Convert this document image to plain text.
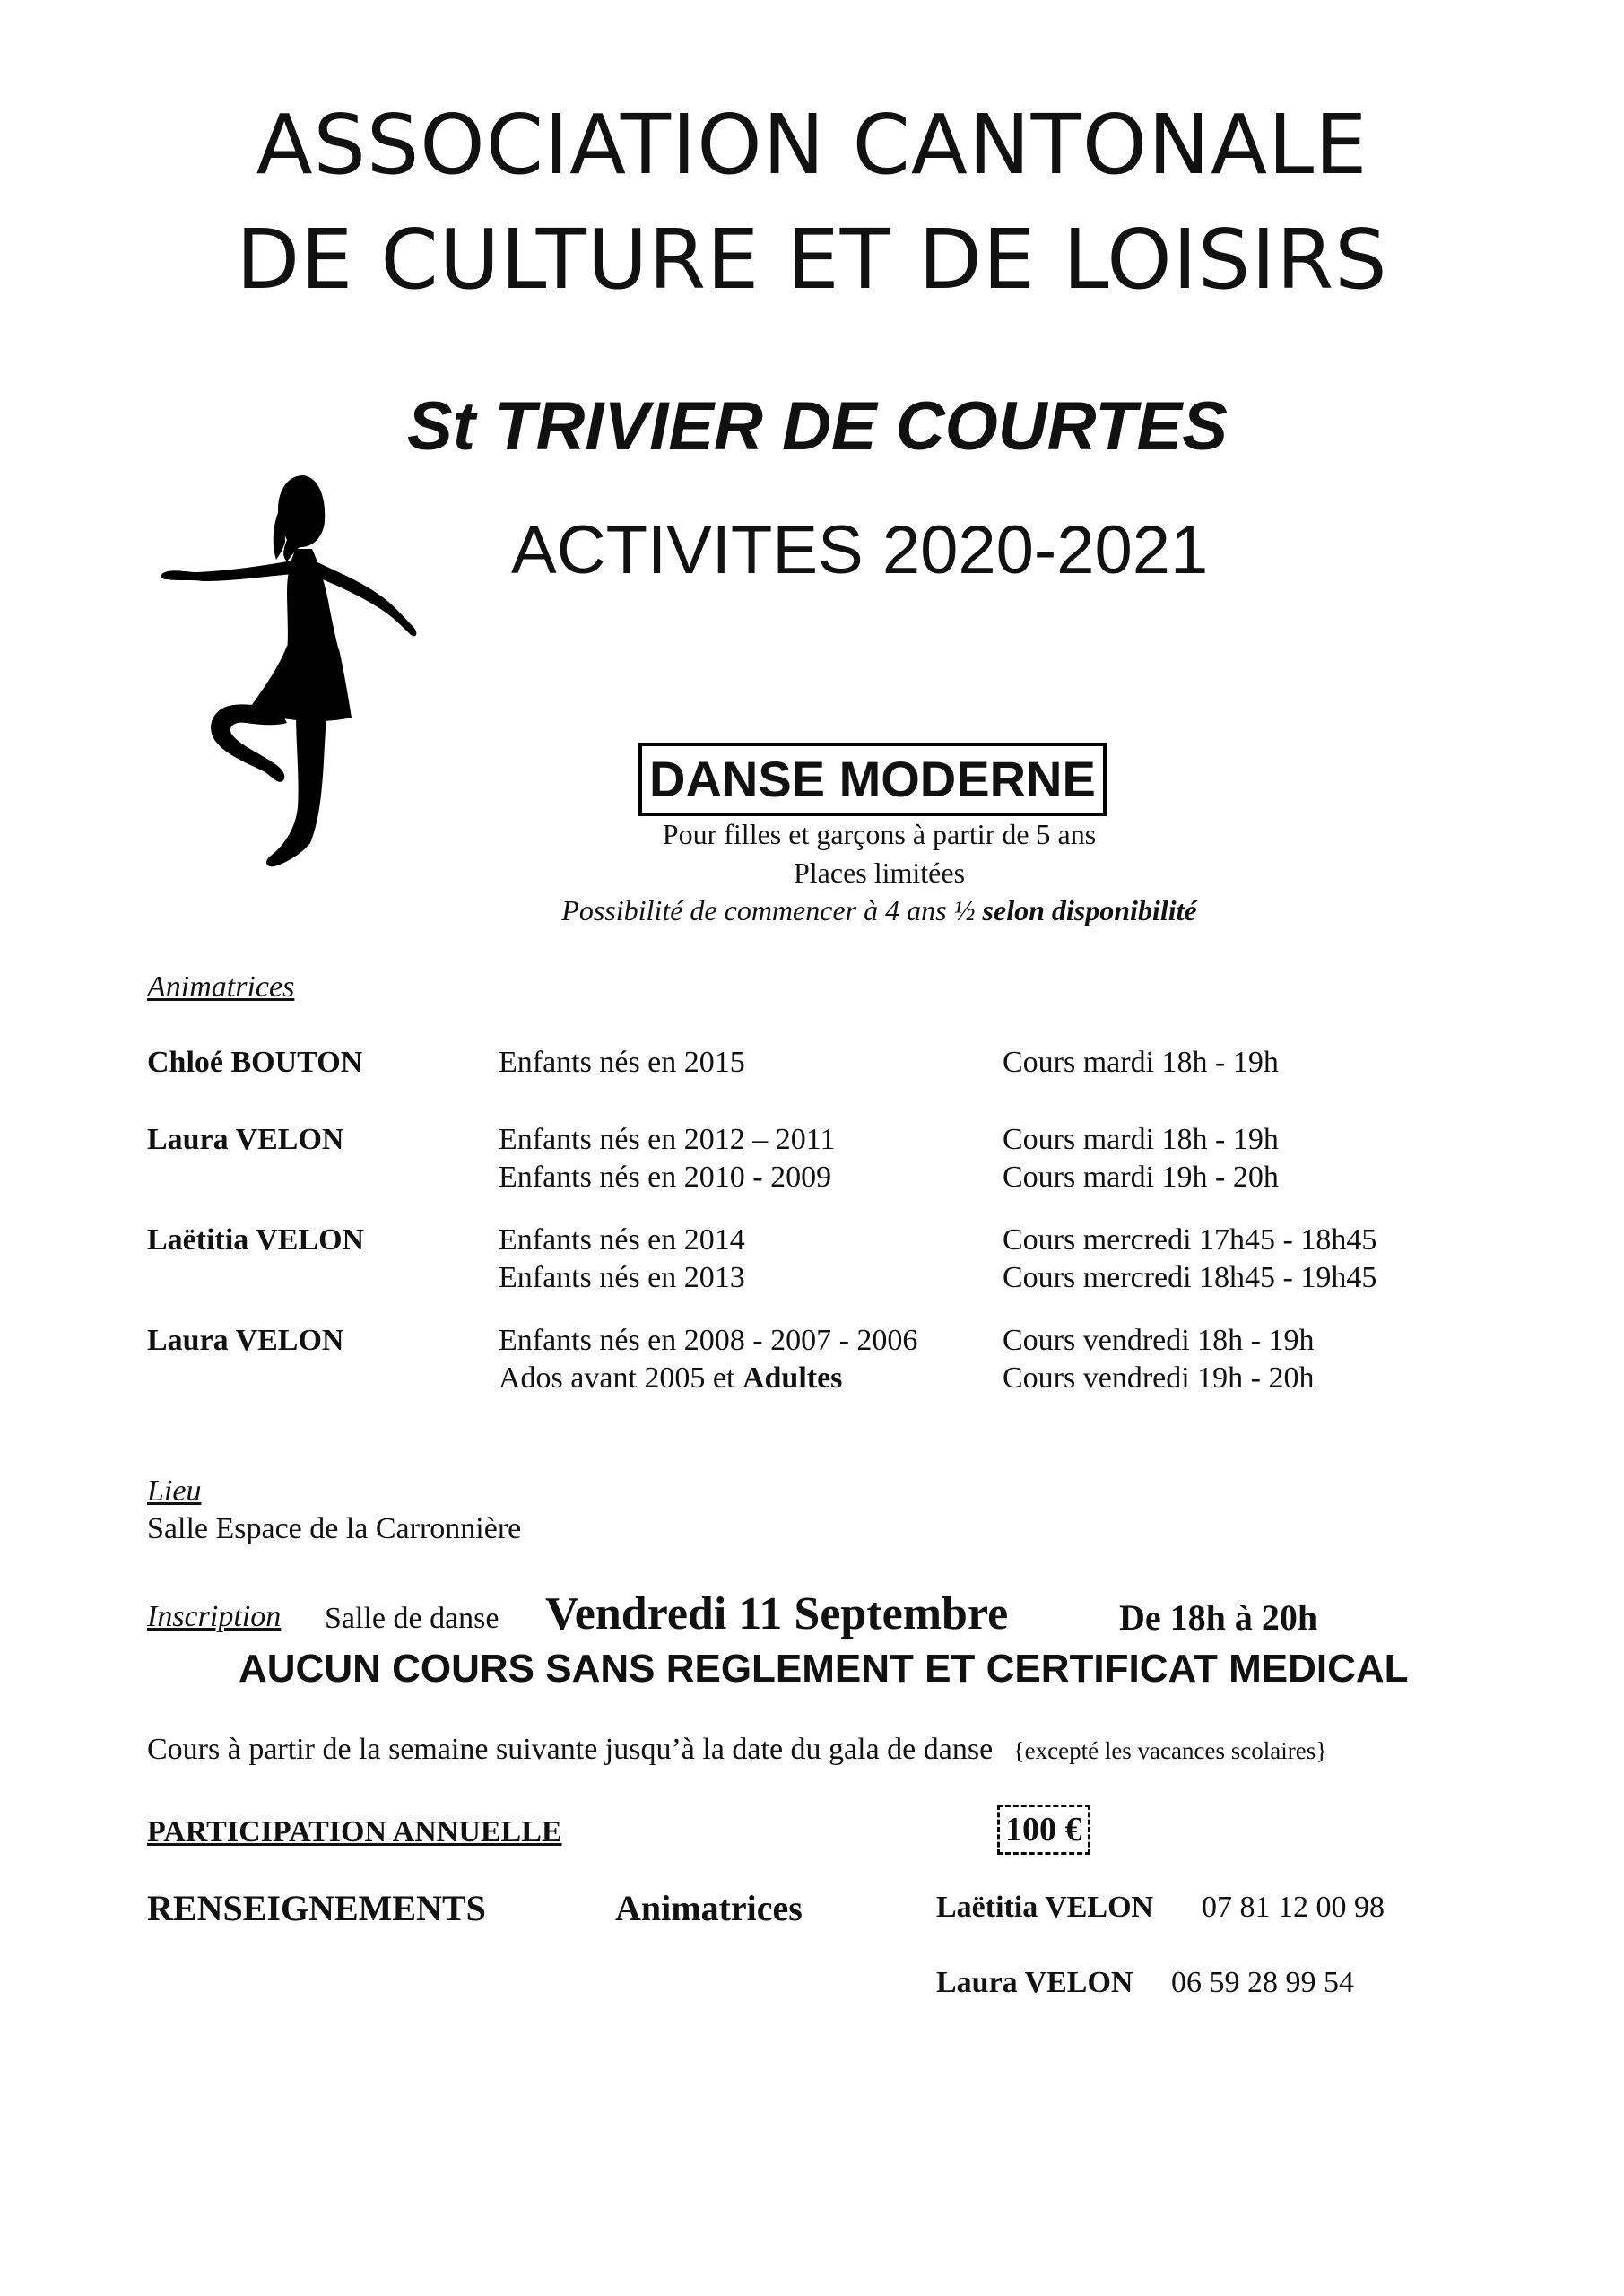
ASSOCIATION CANTONALE
DE CULTURE ET DE LOISIRS
St TRIVIER DE COURTES
ACTIVITES 2020-2021
DANSE MODERNE
Pour filles et garçons à partir de 5 ans
Places limitées
Possibilité de commencer à 4 ans ½ selon disponibilité
Animatrices
Chloé BOUTON	Enfants nés en 2015	Cours mardi 18h - 19h
Laura VELON	Enfants nés en 2012 – 2011	Cours mardi 18h - 19h
Enfants nés en 2010 - 2009	Cours mardi 19h - 20h
Laëtitia VELON	Enfants nés en 2014	Cours mercredi 17h45 - 18h45
Enfants nés en 2013	Cours mercredi 18h45 - 19h45
Laura VELON	Enfants nés en 2008 - 2007 - 2006	Cours vendredi 18h - 19h
Ados avant 2005 et Adultes	Cours vendredi 19h - 20h
Lieu
Salle Espace de la Carronnière
Inscription Salle de danse Vendredi 11 Septembre	De 18h à 20h
AUCUN COURS SANS REGLEMENT ET CERTIFICAT MEDICAL
Cours à partir de la semaine suivante jusqu’à la date du gala de danse {excepté les vacances scolaires}
PARTICIPATION ANNUELLE	100 €
RENSEIGNEMENTS	Animatrices	Laëtitia VELON 07 81 12 00 98
Laura VELON 06 59 28 99 54
